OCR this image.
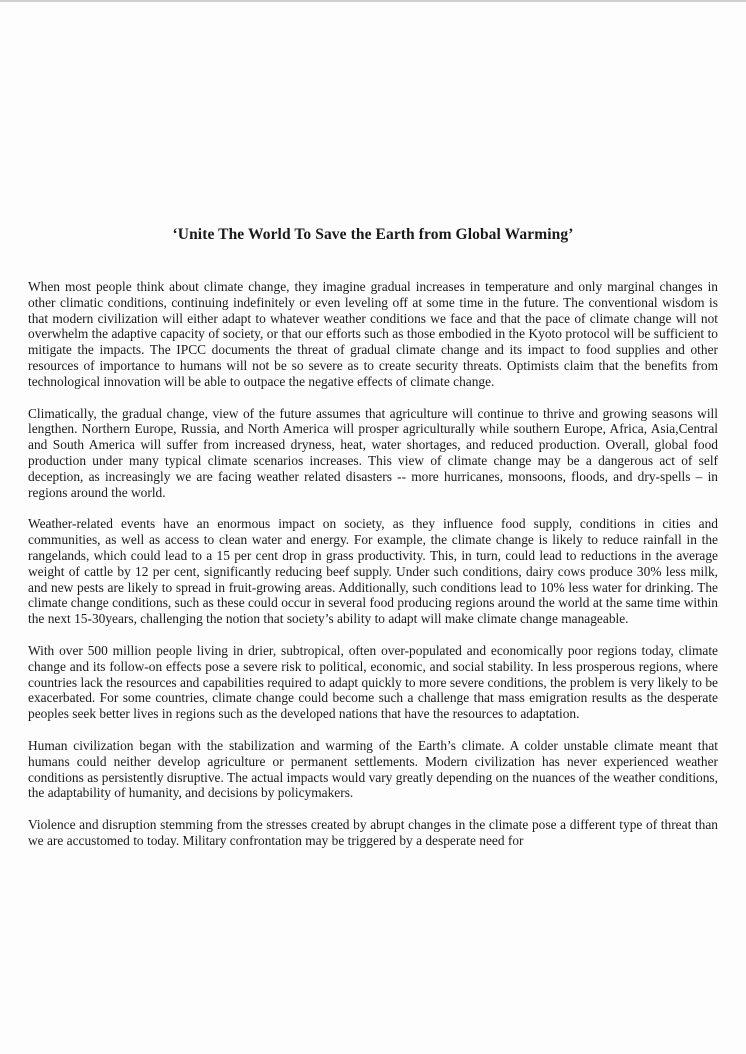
‘Unite The World To Save the Earth from Global Warming’

When most people think about climate change, they imagine gradual increases in temperature and only marginal changes in other climatic conditions, continuing indefinitely or even leveling off at some time in the future. The conventional wisdom is that modern civilization will either adapt to whatever weather conditions we face and that the pace of climate change will not overwhelm the adaptive capacity of society, or that our efforts such as those embodied in the Kyoto protocol will be sufficient to mitigate the impacts. The IPCC documents the threat of gradual climate change and its impact to food supplies and other resources of importance to humans will not be so severe as to create security threats. Optimists claim that the benefits from technological innovation will be able to outpace the negative effects of climate change.

Climatically, the gradual change, view of the future assumes that agriculture will continue to thrive and growing seasons will lengthen. Northern Europe, Russia, and North America will prosper agriculturally while southern Europe, Africa, Asia,Central and South America will suffer from increased dryness, heat, water shortages, and reduced production. Overall, global food production under many typical climate scenarios increases. This view of climate change may be a dangerous act of self deception, as increasingly we are facing weather related disasters -- more hurricanes, monsoons, floods, and dry-spells – in regions around the world.

Weather-related events have an enormous impact on society, as they influence food supply, conditions in cities and communities, as well as access to clean water and energy. For example, the climate change is likely to reduce rainfall in the rangelands, which could lead to a 15 per cent drop in grass productivity. This, in turn, could lead to reductions in the average weight of cattle by 12 per cent, significantly reducing beef supply. Under such conditions, dairy cows produce 30% less milk, and new pests are likely to spread in fruit-growing areas. Additionally, such conditions lead to 10% less water for drinking. The climate change conditions, such as these could occur in several food producing regions around the world at the same time within the next 15-30years, challenging the notion that society’s ability to adapt will make climate change manageable.

With over 500 million people living in drier, subtropical, often over-populated and economically poor regions today, climate change and its follow-on effects pose a severe risk to political, economic, and social stability. In less prosperous regions, where countries lack the resources and capabilities required to adapt quickly to more severe conditions, the problem is very likely to be exacerbated. For some countries, climate change could become such a challenge that mass emigration results as the desperate peoples seek better lives in regions such as the developed nations that have the resources to adaptation.

Human civilization began with the stabilization and warming of the Earth’s climate. A colder unstable climate meant that humans could neither develop agriculture or permanent settlements. Modern civilization has never experienced weather conditions as persistently disruptive. The actual impacts would vary greatly depending on the nuances of the weather conditions, the adaptability of humanity, and decisions by policymakers.

Violence and disruption stemming from the stresses created by abrupt changes in the climate pose a different type of threat than we are accustomed to today. Military confrontation may be triggered by a desperate need for
